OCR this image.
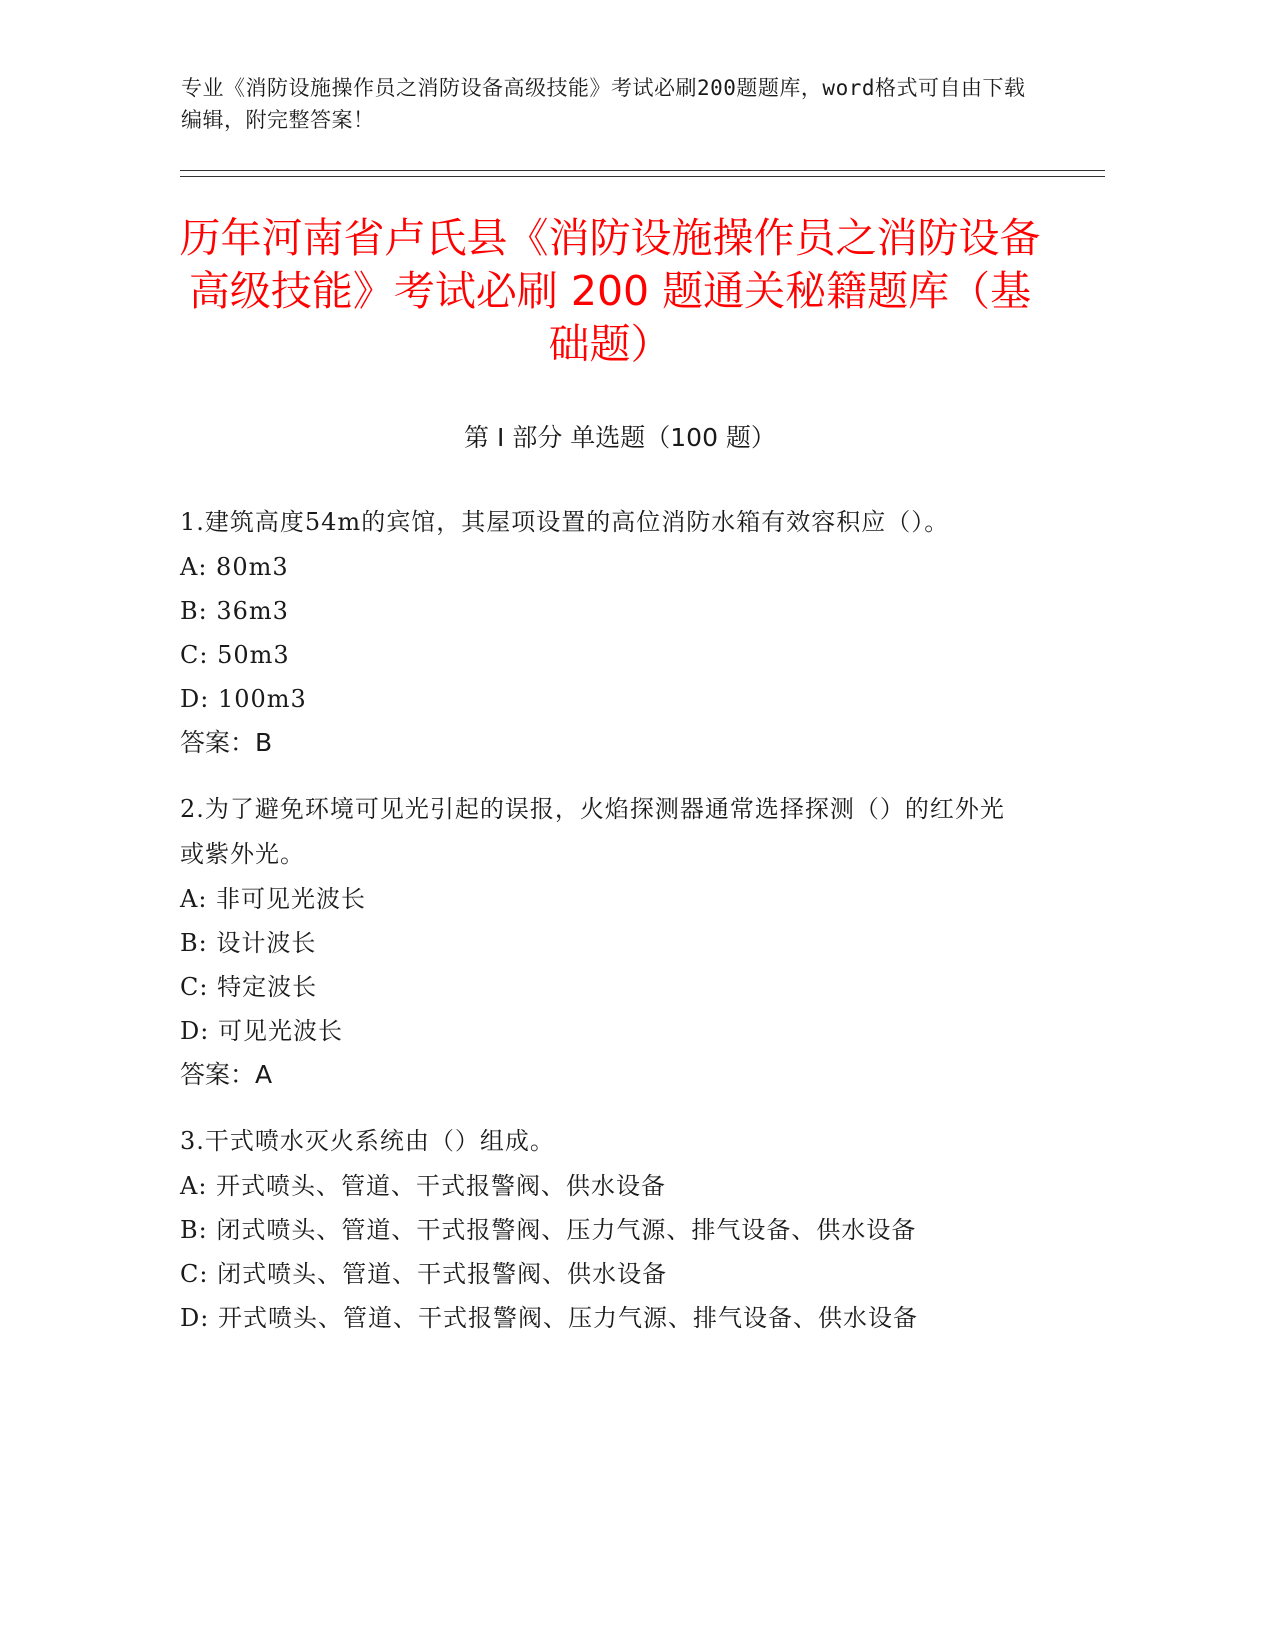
专业《消防设施操作员之消防设备高级技能》考试必刷200题题库，word格式可自由下载编辑，附完整答案！
历年河南省卢氏县《消防设施操作员之消防设备高级技能》考试必刷 200 题通关秘籍题库（基础题）
第 I 部分 单选题（100 题）

1.建筑高度54m的宾馆，其屋项设置的高位消防水箱有效容积应（）。

A: 80m3

B: 36m3

C: 50m3

D: 100m3

答案：B

2.为了避免环境可见光引起的误报，火焰探测器通常选择探测（）的红外光或紫外光。

A: 非可见光波长

B: 设计波长

C: 特定波长

D: 可见光波长

答案：A

3.干式喷水灭火系统由（）组成。

A: 开式喷头、管道、干式报警阀、供水设备

B: 闭式喷头、管道、干式报警阀、压力气源、排气设备、供水设备

C: 闭式喷头、管道、干式报警阀、供水设备

D: 开式喷头、管道、干式报警阀、压力气源、排气设备、供水设备
